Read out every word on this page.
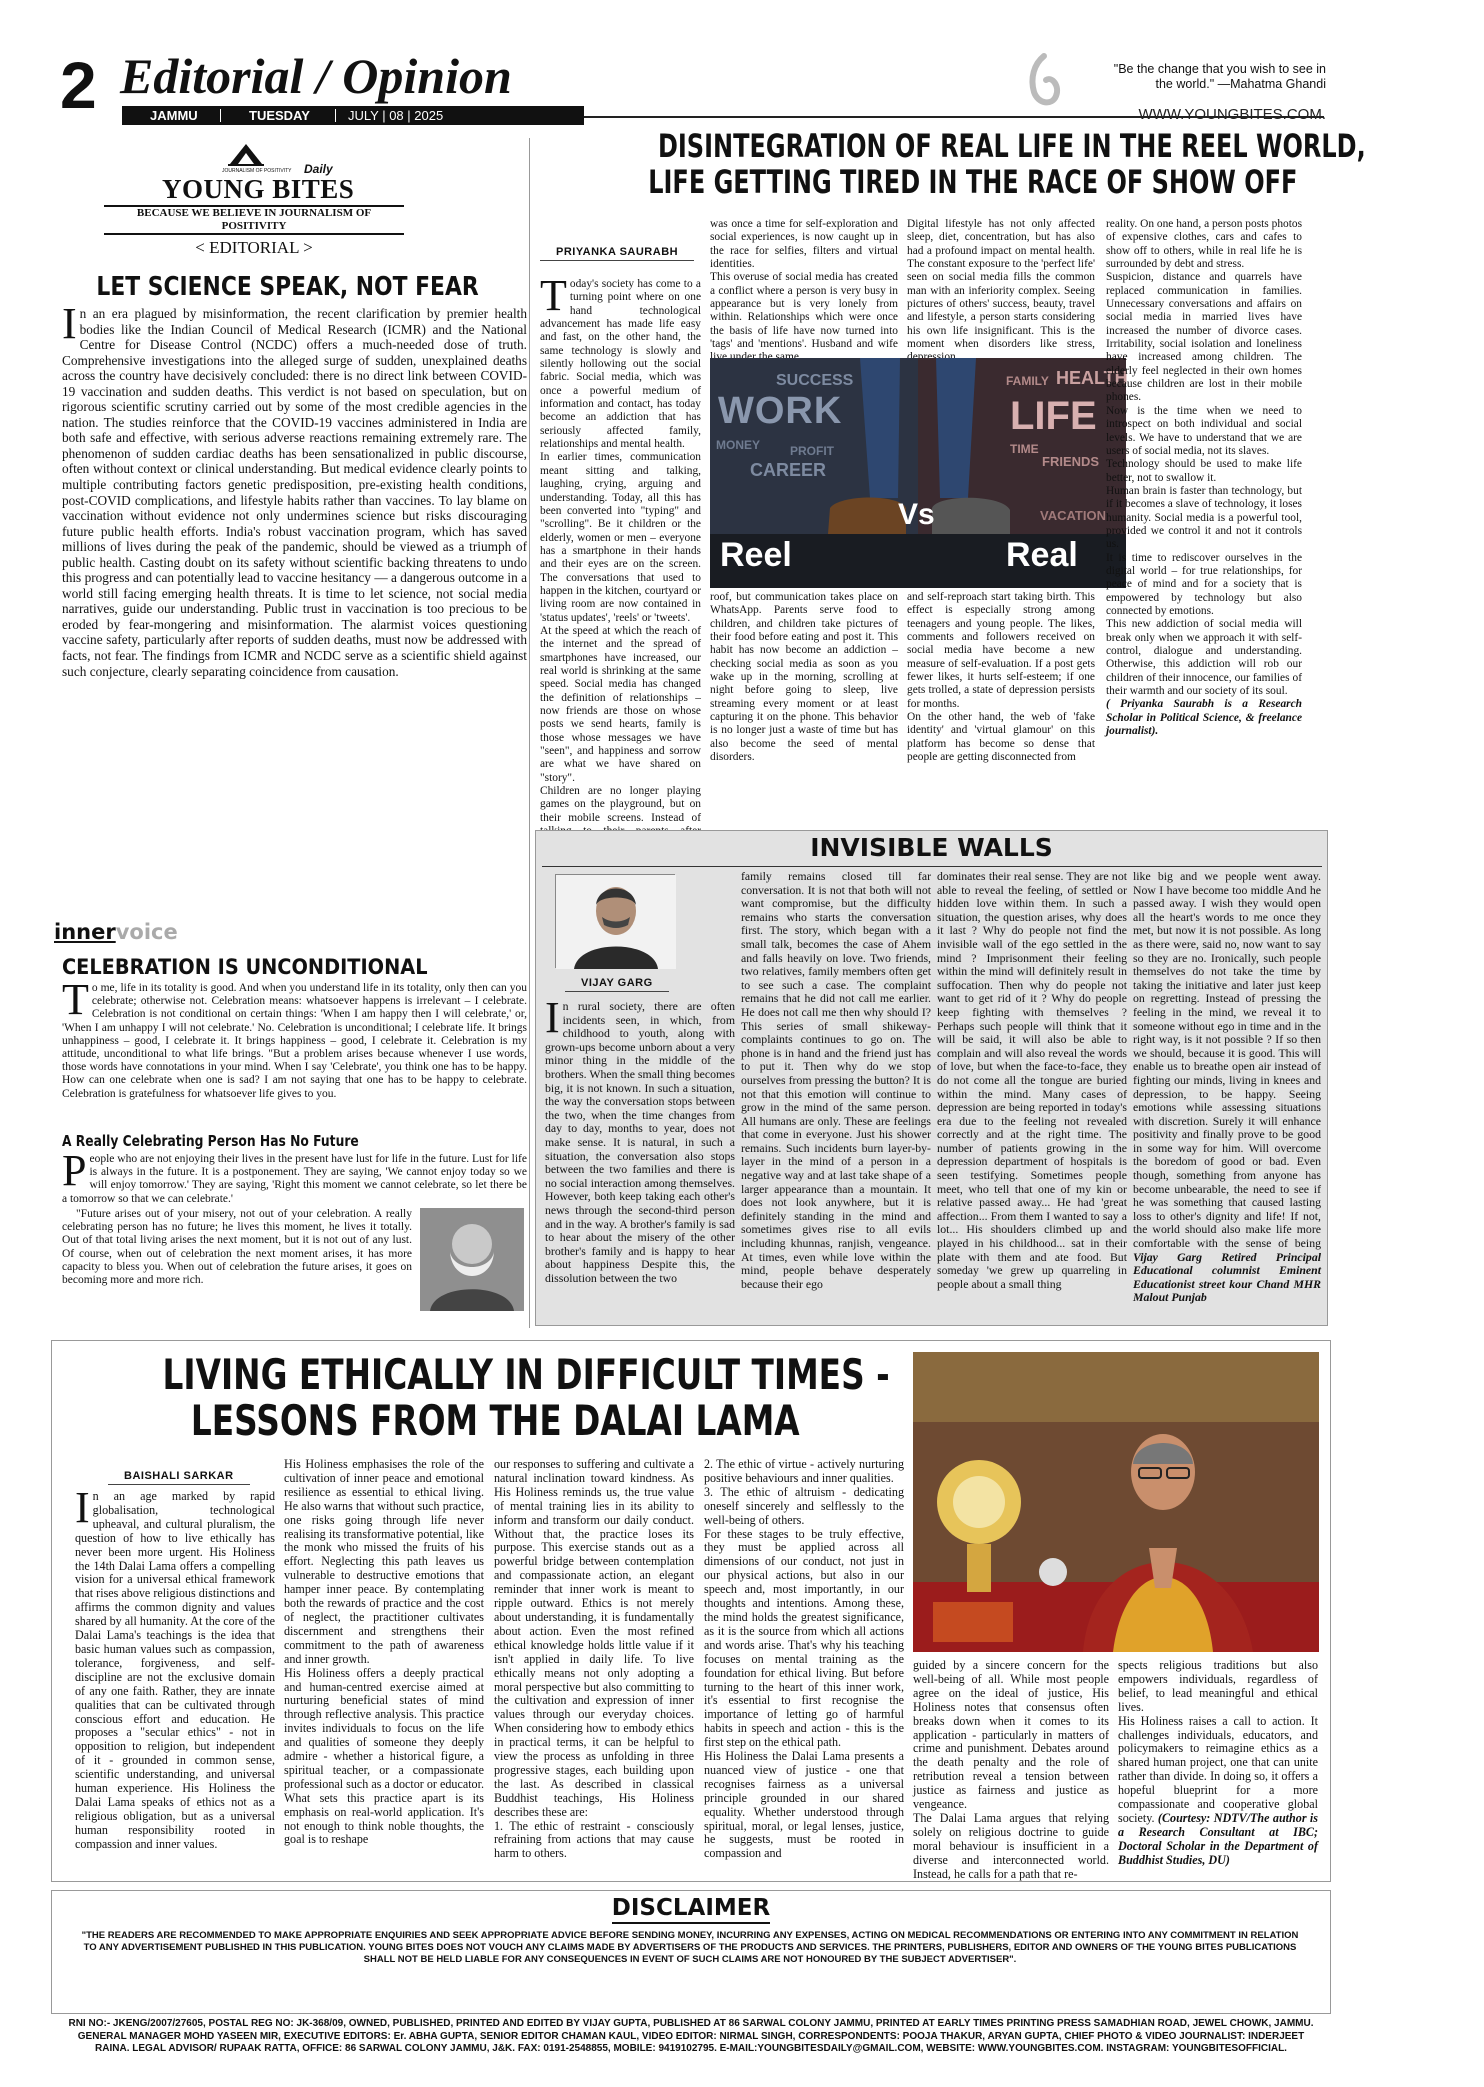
2 Editorial / Opinion
JAMMU	TUESDAY	JULY | 08 | 2025
"Be the change that you wish to see in the world." —Mahatma Ghandi
WWW.YOUNGBITES.COM.
JOURNALISM OF POSITIVITY Daily
YOUNG BITES
BECAUSE WE BELIEVE IN JOURNALISM OF POSITIVITY
< EDITORIAL >
LET SCIENCE SPEAK, NOT FEAR
In an era plagued by misinformation, the recent clarification by premier health bodies like the Indian Council of Medical Research (ICMR) and the National Centre for Disease Control (NCDC) offers a much-needed dose of truth. Comprehensive investigations into the alleged surge of sudden, unexplained deaths across the country have decisively concluded: there is no direct link between COVID-19 vaccination and sudden deaths. This verdict is not based on speculation, but on rigorous scientific scrutiny carried out by some of the most credible agencies in the nation. The studies reinforce that the COVID-19 vaccines administered in India are both safe and effective, with serious adverse reactions remaining extremely rare. The phenomenon of sudden cardiac deaths has been sensationalized in public discourse, often without context or clinical understanding. But medical evidence clearly points to multiple contributing factors genetic predisposition, pre-existing health conditions, post-COVID complications, and lifestyle habits rather than vaccines. To lay blame on vaccination without evidence not only undermines science but risks discouraging future public health efforts. India's robust vaccination program, which has saved millions of lives during the peak of the pandemic, should be viewed as a triumph of public health. Casting doubt on its safety without scientific backing threatens to undo this progress and can potentially lead to vaccine hesitancy — a dangerous outcome in a world still facing emerging health threats. It is time to let science, not social media narratives, guide our understanding. Public trust in vaccination is too precious to be eroded by fear-mongering and misinformation. The alarmist voices questioning vaccine safety, particularly after reports of sudden deaths, must now be addressed with facts, not fear. The findings from ICMR and NCDC serve as a scientific shield against such conjecture, clearly separating coincidence from causation.
innervoice
CELEBRATION IS UNCONDITIONAL
To me, life in its totality is good. And when you understand life in its totality, only then can you celebrate; otherwise not. Celebration means: whatsoever happens is irrelevant – I celebrate. Celebration is not conditional on certain things: 'When I am happy then I will celebrate,' or, 'When I am unhappy I will not celebrate.' No. Celebration is unconditional; I celebrate life. It brings unhappiness – good, I celebrate it. It brings happiness – good, I celebrate it. Celebration is my attitude, unconditional to what life brings. "But a problem arises because whenever I use words, those words have connotations in your mind. When I say 'Celebrate', you think one has to be happy. How can one celebrate when one is sad? I am not saying that one has to be happy to celebrate. Celebration is gratefulness for whatsoever life gives to you.
A Really Celebrating Person Has No Future
People who are not enjoying their lives in the present have lust for life in the future. Lust for life is always in the future. It is a postponement. They are saying, 'We cannot enjoy today so we will enjoy tomorrow.' They are saying, 'Right this moment we cannot celebrate, so let there be a tomorrow so that we can celebrate.'
"Future arises out of your misery, not out of your celebration. A really celebrating person has no future; he lives this moment, he lives it totally. Out of that total living arises the next moment, but it is not out of any lust. Of course, when out of celebration the next moment arises, it has more capacity to bless you. When out of celebration the future arises, it goes on becoming more and more rich.
DISINTEGRATION OF REAL LIFE IN THE REEL WORLD,
LIFE GETTING TIRED IN THE RACE OF SHOW OFF
PRIYANKA SAURABH
Today's society has come to a turning point where on one hand technological advancement has made life easy and fast, on the other hand, the same technology is slowly and silently hollowing out the social fabric. Social media, which was once a powerful medium of information and contact, has today become an addiction that has seriously affected family, relationships and mental health.
In earlier times, communication meant sitting and talking, laughing, crying, arguing and understanding. Today, all this has been converted into "typing" and "scrolling". Be it children or the elderly, women or men – everyone has a smartphone in their hands and their eyes are on the screen. The conversations that used to happen in the kitchen, courtyard or living room are now contained in 'status updates', 'reels' or 'tweets'.
At the speed at which the reach of the internet and the spread of smartphones have increased, our real world is shrinking at the same speed. Social media has changed the definition of relationships – now friends are those on whose posts we send hearts, family is those whose messages we have "seen", and happiness and sorrow are what we have shared on "story".
Children are no longer playing games on the playground, but on their mobile screens. Instead of
was once a time for self-exploration and social experiences, is now caught up in the race for selfies, filters and virtual identities.
This overuse of social media has created a conflict where a person is very busy in appearance but is very lonely from within. Relationships which were once the basis of life have now turned into 'tags' and 'mentions'. Husband and wife
Digital lifestyle has not only affected sleep, diet, concentration, but has also had a profound impact on mental health. The constant exposure to the 'perfect life' seen on social media fills the common man with an inferiority complex. Seeing pictures of others' success, beauty, travel and lifestyle, a person starts considering his own life insignificant. This is the moment when disorders like stress,
SUCCESS
WORK
MONEY PROFIT
CAREER
FAMILY HEALTH
LIFE
TIME
FRIENDS
VACATION
Reel
Vs
Real
roof, but communication takes place on WhatsApp. Parents serve food to children, and children take pictures of their food before eating and post it. This habit has now become an addiction – checking social media as soon as you wake up in the morning, scrolling at night before going to sleep, live streaming every moment or at least capturing it on the phone. This behavior is no longer just a waste of time but has also become the seed of mental disorders.
and self-reproach start taking birth. This effect is especially strong among teenagers and young people. The likes, comments and followers received on social media have become a new measure of self-evaluation. If a post gets fewer likes, it hurts self-esteem; if one gets trolled, a state of depression persists for months.
On the other hand, the web of 'fake identity' and 'virtual glamour' on this platform has become so dense that people are getting disconnected from
reality. On one hand, a person posts photos of expensive clothes, cars and cafes to show off to others, while in real life he is surrounded by debt and stress.
Suspicion, distance and quarrels have replaced communication in families. Unnecessary conversations and affairs on social media in married lives have increased the number of divorce cases. Irritability, social isolation and loneliness have increased among children. The elderly feel neglected in their own homes because children are lost in their mobile phones.
Now is the time when we need to introspect on both individual and social levels. We have to understand that we are users of social media, not its slaves.
Technology should be used to make life better, not to swallow it.
Human brain is faster than technology, but if it becomes a slave of technology, it loses humanity. Social media is a powerful tool, provided we control it and not it controls us.
It is time to rediscover ourselves in the digital world – for true relationships, for peace of mind and for a society that is empowered by technology but also connected by emotions.
This new addiction of social media will break only when we approach it with self-control, dialogue and understanding. Otherwise, this addiction will rob our children of their innocence, our families of their warmth and our society of its soul.
( Priyanka Saurabh is a Research Scholar in Political Science, & freelance journalist).
INVISIBLE WALLS
VIJAY GARG
In rural society, there are often incidents seen, in which, from childhood to youth, along with grown-ups become unborn about a very minor thing in the middle of the brothers. When the small thing becomes big, it is not known. In such a situation, the way the conversation stops between the two, when the time changes from day to day, months to year, does not make sense. It is natural, in such a situation, the conversation also stops between the two families and there is no social interaction among themselves. However, both keep taking each other's news through the second-third person and in the way. A brother's family is sad to hear about the misery of the other brother's family and is happy to hear about happiness Despite this, the dissolution between the two
family remains closed till far conversation. It is not that both will not want compromise, but the difficulty remains who starts the conversation first. The story, which began with a small talk, becomes the case of Ahem and falls heavily on love. Two friends, two relatives, family members often get to see such a case. The complaint remains that he did not call me earlier. He does not call me then why should I? This series of small shikeway-complaints continues to go on. The phone is in hand and the friend just has to put it. Then why do we stop ourselves from pressing the button? It is not that this emotion will continue to grow in the mind of the same person. All humans are only. These are feelings that come in everyone. Just his shower remains. Such incidents burn layer-by-layer in the mind of a person in a negative way and at last take shape of a larger appearance than a mountain. It does not look anywhere, but it is definitely standing in the mind and sometimes gives rise to all evils including khunnas, ranjish, vengeance. At times, even while love within the mind, people behave desperately because their ego
dominates their real sense. They are not able to reveal the feeling, of settled or hidden love within them. In such a situation, the question arises, why does it last ? Why do people not find the invisible wall of the ego settled in the mind ? Imprisonment their feeling within the mind will definitely result in suffocation. Then why do people not want to get rid of it ? Why do people keep fighting with themselves ? Perhaps such people will think that it will be said, it will also be able to complain and will also reveal the words of love, but when the face-to-face, they do not come all the tongue are buried within the mind. Many cases of depression are being reported in today's era due to the feeling not revealed correctly and at the right time. The number of patients growing in the depression department of hospitals is seen testifying. Sometimes people meet, who tell that one of my kin or relative passed away... He had 'great affection... From them I wanted to say a lot... His shoulders climbed up and played in his childhood... sat in their plate with them and ate food. But someday 'we grew up quarreling in people about a small thing
like big and we people went away. Now I have become too middle And he passed away. I wish they would open all the heart's words to me once they met, but now it is not possible. As long as there were, said no, now want to say so they are no. Ironically, such people themselves do not take the time by taking the initiative and later just keep on regretting. Instead of pressing the feeling in the mind, we reveal it to someone without ego in time and in the right way, is it not possible ? If so then we should, because it is good. This will enable us to breathe open air instead of fighting our minds, living in knees and depression, to be happy. Seeing emotions while assessing situations with discretion. Surely it will enhance positivity and finally prove to be good in some way for him. Will overcome the boredom of good or bad. Even though, something from anyone has become unbearable, the need to see if he was something that caused lasting loss to other's dignity and life! If not, the world should also make life more comfortable with the sense of being Vijay Garg Retired Principal Educational columnist Eminent Educationist street kour Chand MHR Malout Punjab
LIVING ETHICALLY IN DIFFICULT TIMES -
LESSONS FROM THE DALAI LAMA
BAISHALI SARKAR
In an age marked by rapid globalisation, technological upheaval, and cultural pluralism, the question of how to live ethically has never been more urgent. His Holiness the 14th Dalai Lama offers a compelling vision for a universal ethical framework that rises above religious distinctions and affirms the common dignity and values shared by all humanity. At the core of the Dalai Lama's teachings is the idea that basic human values such as compassion, tolerance, forgiveness, and self-discipline are not the exclusive domain of any one faith. Rather, they are innate qualities that can be cultivated through conscious effort and education. He proposes a "secular ethics" - not in opposition to religion, but independent of it - grounded in common sense, scientific understanding, and universal human experience. His Holiness the Dalai Lama speaks of ethics not as a religious obligation, but as a universal human responsibility rooted in compassion and inner values.
His Holiness emphasises the role of the cultivation of inner peace and emotional resilience as essential to ethical living. He also warns that without such practice, one risks going through life never realising its transformative potential, like the monk who missed the fruits of his effort. Neglecting this path leaves us vulnerable to destructive emotions that hamper inner peace. By contemplating both the rewards of practice and the cost of neglect, the practitioner cultivates discernment and strengthens their commitment to the path of awareness and inner growth.
His Holiness offers a deeply practical and human-centred exercise aimed at nurturing beneficial states of mind through reflective analysis. This practice invites individuals to focus on the life and qualities of someone they deeply admire - whether a historical figure, a spiritual teacher, or a compassionate professional such as a doctor or educator. What sets this practice apart is its emphasis on real-world application. It's not enough to think noble thoughts, the goal is to reshape
our responses to suffering and cultivate a natural inclination toward kindness. As His Holiness reminds us, the true value of mental training lies in its ability to inform and transform our daily conduct. Without that, the practice loses its purpose. This exercise stands out as a powerful bridge between contemplation and compassionate action, an elegant reminder that inner work is meant to ripple outward. Ethics is not merely about understanding, it is fundamentally about action. Even the most refined ethical knowledge holds little value if it isn't applied in daily life. To live ethically means not only adopting a moral perspective but also committing to the cultivation and expression of inner values through our everyday choices. When considering how to embody ethics in practical terms, it can be helpful to view the process as unfolding in three progressive stages, each building upon the last. As described in classical Buddhist teachings, His Holiness describes these are:
1. The ethic of restraint - consciously refraining from actions that may cause harm to others.
2. The ethic of virtue - actively nurturing positive behaviours and inner qualities.
3. The ethic of altruism - dedicating oneself sincerely and selflessly to the well-being of others.
For these stages to be truly effective, they must be applied across all dimensions of our conduct, not just in our physical actions, but also in our speech and, most importantly, in our thoughts and intentions. Among these, the mind holds the greatest significance, as it is the source from which all actions and words arise. That's why his teaching focuses on mental training as the foundation for ethical living. But before turning to the heart of this inner work, it's essential to first recognise the importance of letting go of harmful habits in speech and action - this is the first step on the ethical path.
His Holiness the Dalai Lama presents a nuanced view of justice - one that recognises fairness as a universal principle grounded in our shared equality. Whether understood through spiritual, moral, or legal lenses, justice, he suggests, must be rooted in compassion and
guided by a sincere concern for the well-being of all. While most people agree on the ideal of justice, His Holiness notes that consensus often breaks down when it comes to its application - particularly in matters of crime and punishment. Debates around the death penalty and the role of retribution reveal a tension between justice as fairness and justice as vengeance.
The Dalai Lama argues that relying solely on religious doctrine to guide moral behaviour is insufficient in a diverse and interconnected world. Instead, he calls for a path that re-
spects religious traditions but also empowers individuals, regardless of belief, to lead meaningful and ethical lives.
His Holiness raises a call to action. It challenges individuals, educators, and policymakers to reimagine ethics as a shared human project, one that can unite rather than divide. In doing so, it offers a hopeful blueprint for a more compassionate and cooperative global society. (Courtesy: NDTV/The author is a Research Consultant at IBC; Doctoral Scholar in the Department of Buddhist Studies, DU)
DISCLAIMER
"THE READERS ARE RECOMMENDED TO MAKE APPROPRIATE ENQUIRIES AND SEEK APPROPRIATE ADVICE BEFORE SENDING MONEY, INCURRING ANY EXPENSES, ACTING ON MEDICAL RECOMMENDATIONS OR ENTERING INTO ANY COMMITMENT IN RELATION TO ANY ADVERTISEMENT PUBLISHED IN THIS PUBLICATION. YOUNG BITES DOES NOT VOUCH ANY CLAIMS MADE BY ADVERTISERS OF THE PRODUCTS AND SERVICES. THE PRINTERS, PUBLISHERS, EDITOR AND OWNERS OF THE YOUNG BITES PUBLICATIONS SHALL NOT BE HELD LIABLE FOR ANY CONSEQUENCES IN EVENT OF SUCH CLAIMS ARE NOT HONOURED BY THE SUBJECT ADVERTISER".
RNI NO:- JKENG/2007/27605, POSTAL REG NO: JK-368/09, OWNED, PUBLISHED, PRINTED AND EDITED BY VIJAY GUPTA, PUBLISHED AT 86 SARWAL COLONY JAMMU, PRINTED AT EARLY TIMES PRINTING PRESS SAMADHIAN ROAD, JEWEL CHOWK, JAMMU. GENERAL MANAGER MOHD YASEEN MIR, EXECUTIVE EDITORS: Er. ABHA GUPTA, SENIOR EDITOR CHAMAN KAUL, VIDEO EDITOR: NIRMAL SINGH, CORRESPONDENTS: POOJA THAKUR, ARYAN GUPTA, CHIEF PHOTO & VIDEO JOURNALIST: INDERJEET RAINA. LEGAL ADVISOR/ RUPAAK RATTA, OFFICE: 86 SARWAL COLONY JAMMU, J&K. FAX: 0191-2548855, MOBILE: 9419102795. E-MAIL:YOUNGBITESDAILY@GMAIL.COM, WEBSITE: WWW.YOUNGBITES.COM. INSTAGRAM: YOUNGBITESOFFICIAL.
